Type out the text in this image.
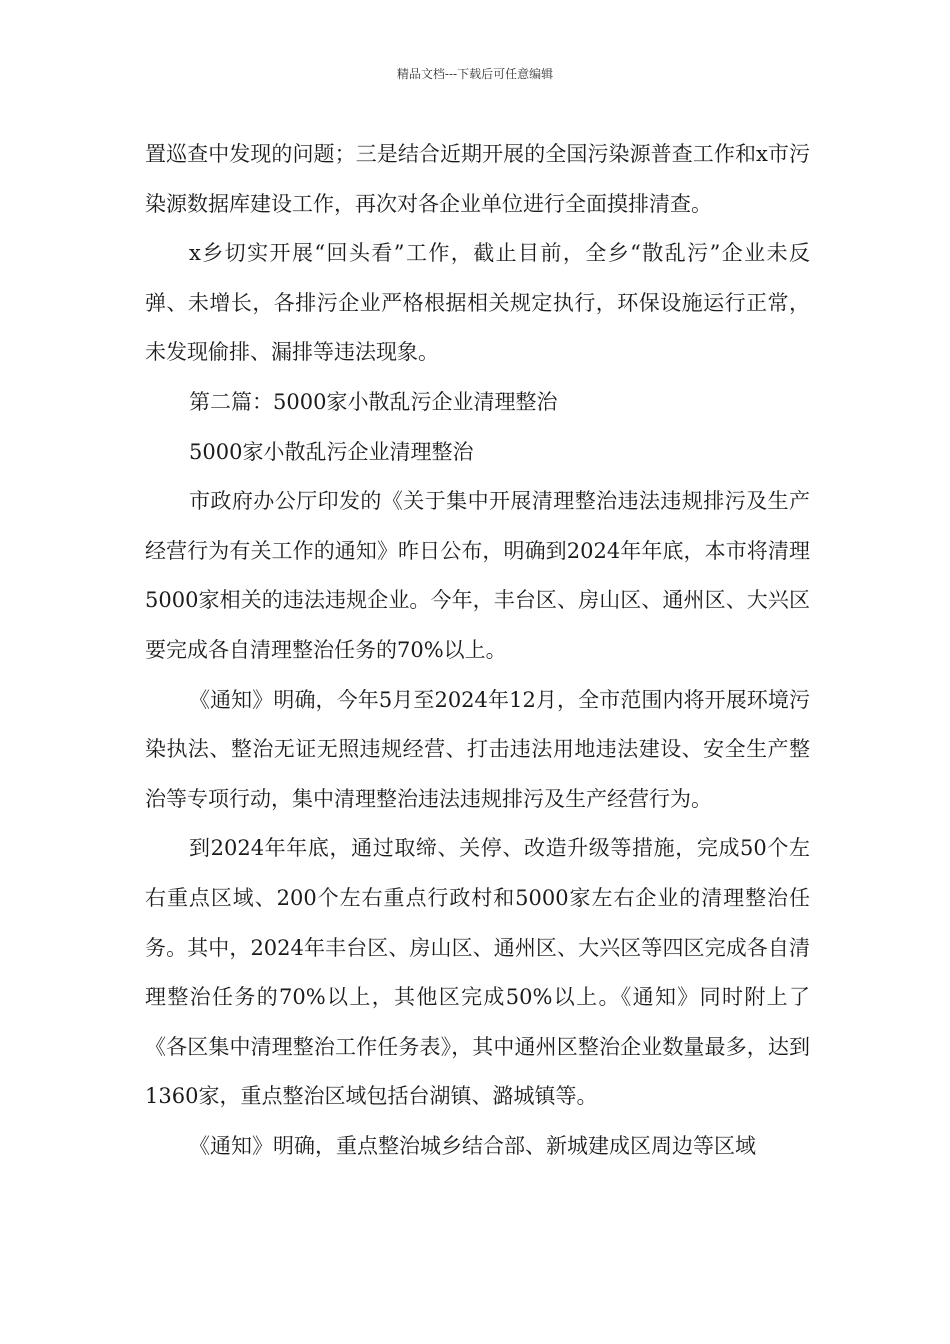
精品文档---下载后可任意编辑

置巡查中发现的问题；三是结合近期开展的全国污染源普查工作和x市污染源数据库建设工作，再次对各企业单位进行全面摸排清查。

x乡切实开展“回头看”工作，截止目前，全乡“散乱污”企业未反弹、未增长，各排污企业严格根据相关规定执行，环保设施运行正常，未发现偷排、漏排等违法现象。

第二篇：5000家小散乱污企业清理整治

5000家小散乱污企业清理整治

市政府办公厅印发的《关于集中开展清理整治违法违规排污及生产经营行为有关工作的通知》昨日公布，明确到2024年年底，本市将清理5000家相关的违法违规企业。今年，丰台区、房山区、通州区、大兴区要完成各自清理整治任务的70%以上。

《通知》明确，今年5月至2024年12月，全市范围内将开展环境污染执法、整治无证无照违规经营、打击违法用地违法建设、安全生产整治等专项行动，集中清理整治违法违规排污及生产经营行为。

到2024年年底，通过取缔、关停、改造升级等措施，完成50个左右重点区域、200个左右重点行政村和5000家左右企业的清理整治任务。其中，2024年丰台区、房山区、通州区、大兴区等四区完成各自清理整治任务的70%以上，其他区完成50%以上。《通知》同时附上了《各区集中清理整治工作任务表》，其中通州区整治企业数量最多，达到1360家，重点整治区域包括台湖镇、潞城镇等。

《通知》明确，重点整治城乡结合部、新城建成区周边等区域
